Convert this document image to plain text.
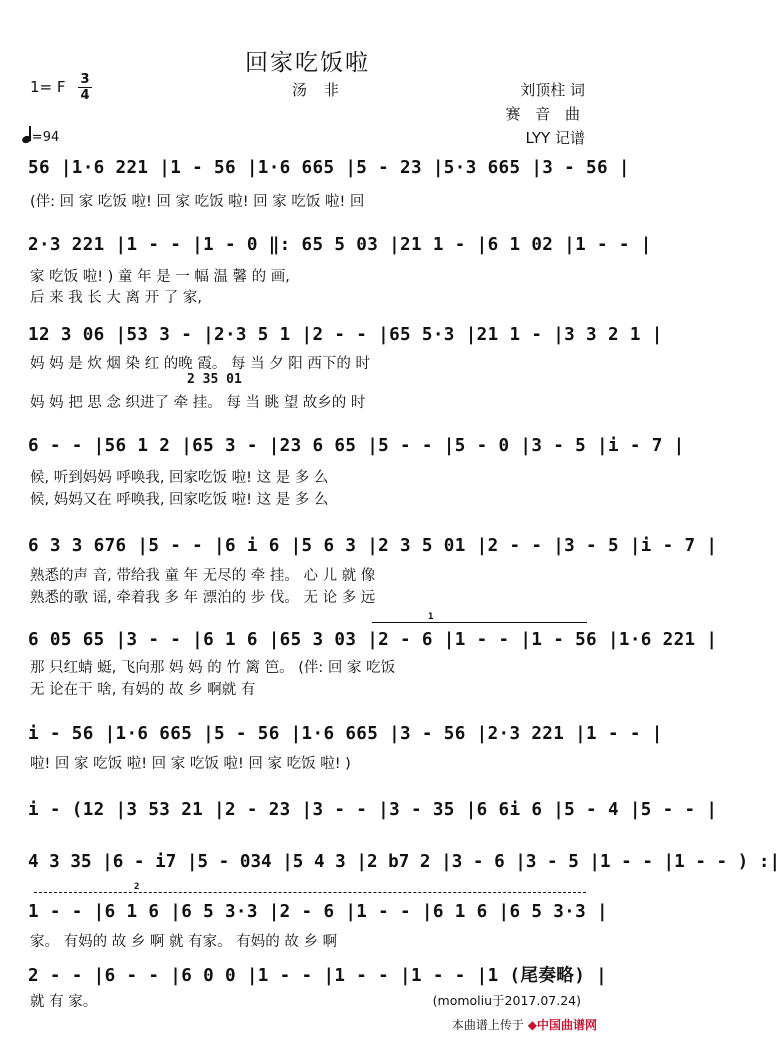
回家吃饭啦
1= F 3
4	汤 非	刘顶柱 词
赛 音 曲
LYY 记谱
=94
56 |1·6 221 |1 - 56 |1·6 665 |5 - 23 |5·3 665 |3 - 56 |
(伴: 回 家 吃饭 啦! 回 家 吃饭 啦! 回 家 吃饭 啦! 回
2·3 221 |1 - - |1 - 0 ‖: 65 5 03 |21 1 - |6 1 02 |1 - - |
家 吃饭 啦! ) 童 年 是 一 幅 温 馨 的 画,
后 来 我 长 大 离 开 了 家,
12 3 06 |53 3 - |2·3 5 1 |2 - - |65 5·3 |21 1 - |3 3 2 1 |
妈 妈 是 炊 烟 染 红 的晚 霞。 每 当 夕 阳 西下的 时
2 35 01
妈 妈 把 思 念 织进了 牵 挂。 每 当 眺 望 故乡的 时
6 - - |56 1 2 |65 3 - |23 6 65 |5 - - |5 - 0 |3 - 5 |i - 7 |
候, 听到妈妈 呼唤我, 回家吃饭 啦! 这 是 多 么
候, 妈妈又在 呼唤我, 回家吃饭 啦! 这 是 多 么
6 3 3 676 |5 - - |6 i 6 |5 6 3 |2 3 5 01 |2 - - |3 - 5 |i - 7 |
熟悉的声 音, 带给我 童 年 无尽的 牵 挂。 心 儿 就 像
熟悉的歌 谣, 牵着我 多 年 漂泊的 步 伐。 无 论 多 远
1
6 05 65 |3 - - |6 1 6 |65 3 03 |2 - 6 |1 - - |1 - 56 |1·6 221 |
那 只红蜻 蜓, 飞向那 妈 妈 的 竹 篱 笆。 (伴: 回 家 吃饭
无 论在干 啥, 有妈的 故 乡 啊就 有
i - 56 |1·6 665 |5 - 56 |1·6 665 |3 - 56 |2·3 221 |1 - - |
啦! 回 家 吃饭 啦! 回 家 吃饭 啦! 回 家 吃饭 啦! )
i - (12 |3 53 21 |2 - 23 |3 - - |3 - 35 |6 6i 6 |5 - 4 |5 - - |
4 3 35 |6 - i7 |5 - 034 |5 4 3 |2 b7 2 |3 - 6 |3 - 5 |1 - - |1 - - ) :|
2
1 - - |6 1 6 |6 5 3·3 |2 - 6 |1 - - |6 1 6 |6 5 3·3 |
家。 有妈的 故 乡 啊 就 有家。 有妈的 故 乡 啊
2 - - |6 - - |6 0 0 |1 - - |1 - - |1 - - |1 (尾奏略) |
就 有 家。	(momoliu于2017.07.24)
本曲谱上传于 ◆中国曲谱网
